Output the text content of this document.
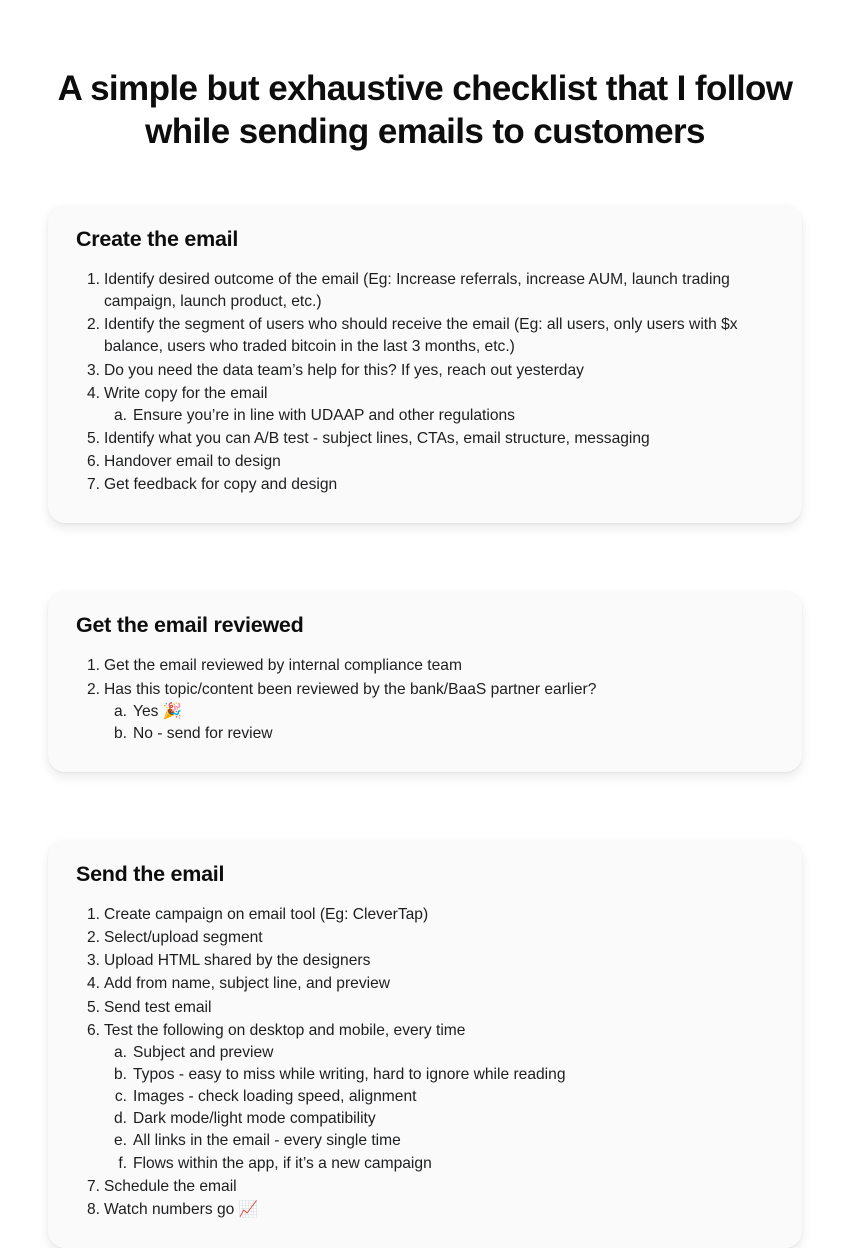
A simple but exhaustive checklist that I follow while sending emails to customers
Create the email
Identify desired outcome of the email (Eg: Increase referrals, increase AUM, launch trading campaign, launch product, etc.)
Identify the segment of users who should receive the email (Eg: all users, only users with $x balance, users who traded bitcoin in the last 3 months, etc.)
Do you need the data team’s help for this? If yes, reach out yesterday
Write copy for the email
Ensure you’re in line with UDAAP and other regulations
Identify what you can A/B test - subject lines, CTAs, email structure, messaging
Handover email to design
Get feedback for copy and design
Get the email reviewed
Get the email reviewed by internal compliance team
Has this topic/content been reviewed by the bank/BaaS partner earlier?
Yes 🎉
No - send for review
Send the email
Create campaign on email tool (Eg: CleverTap)
Select/upload segment
Upload HTML shared by the designers
Add from name, subject line, and preview
Send test email
Test the following on desktop and mobile, every time
Subject and preview
Typos - easy to miss while writing, hard to ignore while reading
Images - check loading speed, alignment
Dark mode/light mode compatibility
All links in the email - every single time
Flows within the app, if it’s a new campaign
Schedule the email
Watch numbers go 📈
